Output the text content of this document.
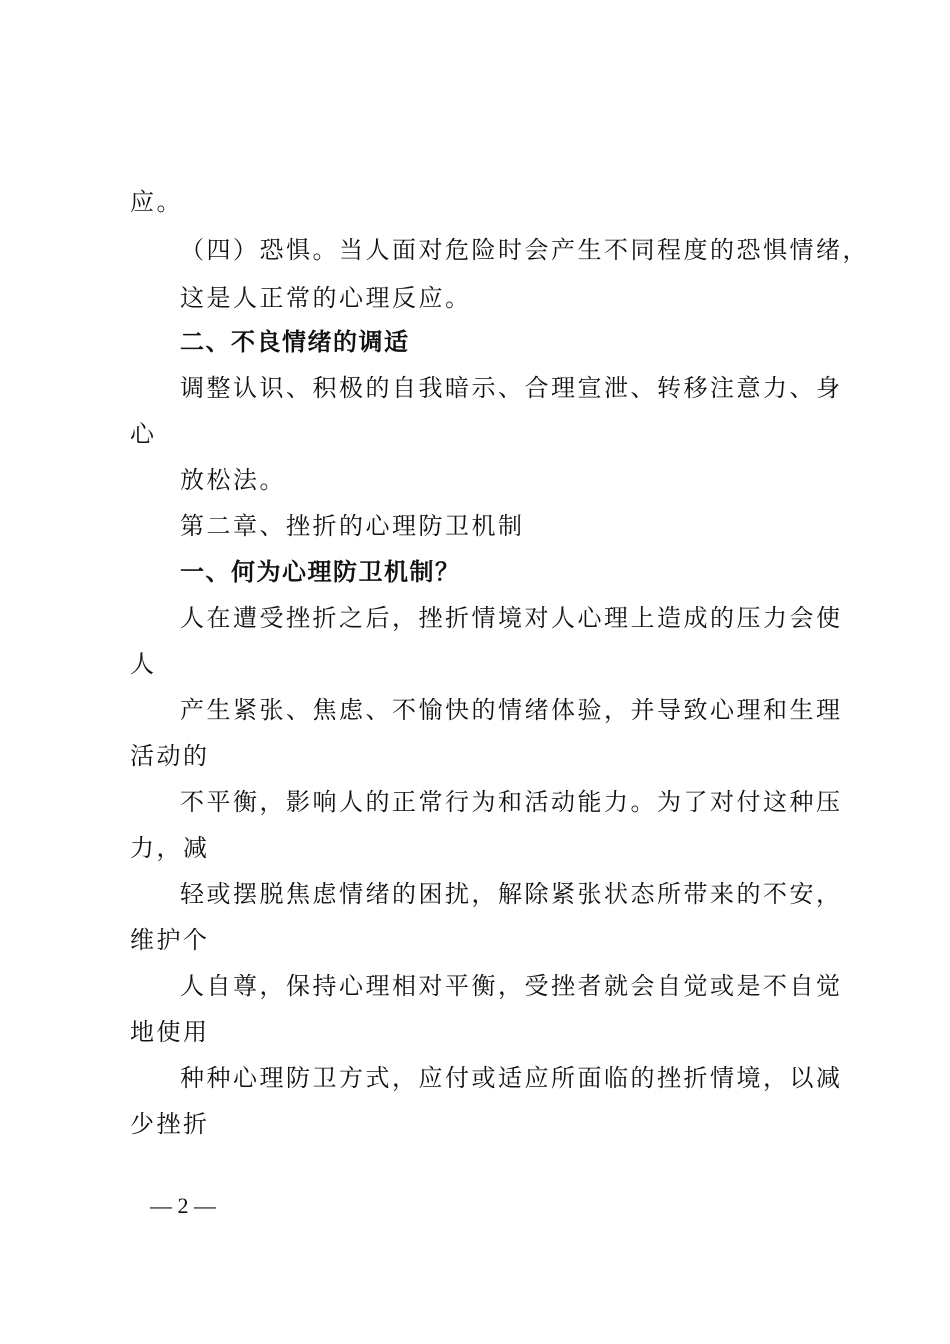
应。
（四）恐惧。当人面对危险时会产生不同程度的恐惧情绪，
这是人正常的心理反应。
二、不良情绪的调适
调整认识、积极的自我暗示、合理宣泄、转移注意力、身
心
放松法。
第二章、挫折的心理防卫机制
一、何为心理防卫机制？
人在遭受挫折之后，挫折情境对人心理上造成的压力会使
人
产生紧张、焦虑、不愉快的情绪体验，并导致心理和生理
活动的
不平衡，影响人的正常行为和活动能力。为了对付这种压
力，减
轻或摆脱焦虑情绪的困扰，解除紧张状态所带来的不安，
维护个
人自尊，保持心理相对平衡，受挫者就会自觉或是不自觉
地使用
种种心理防卫方式，应付或适应所面临的挫折情境，以减
少挫折
— 2 —
